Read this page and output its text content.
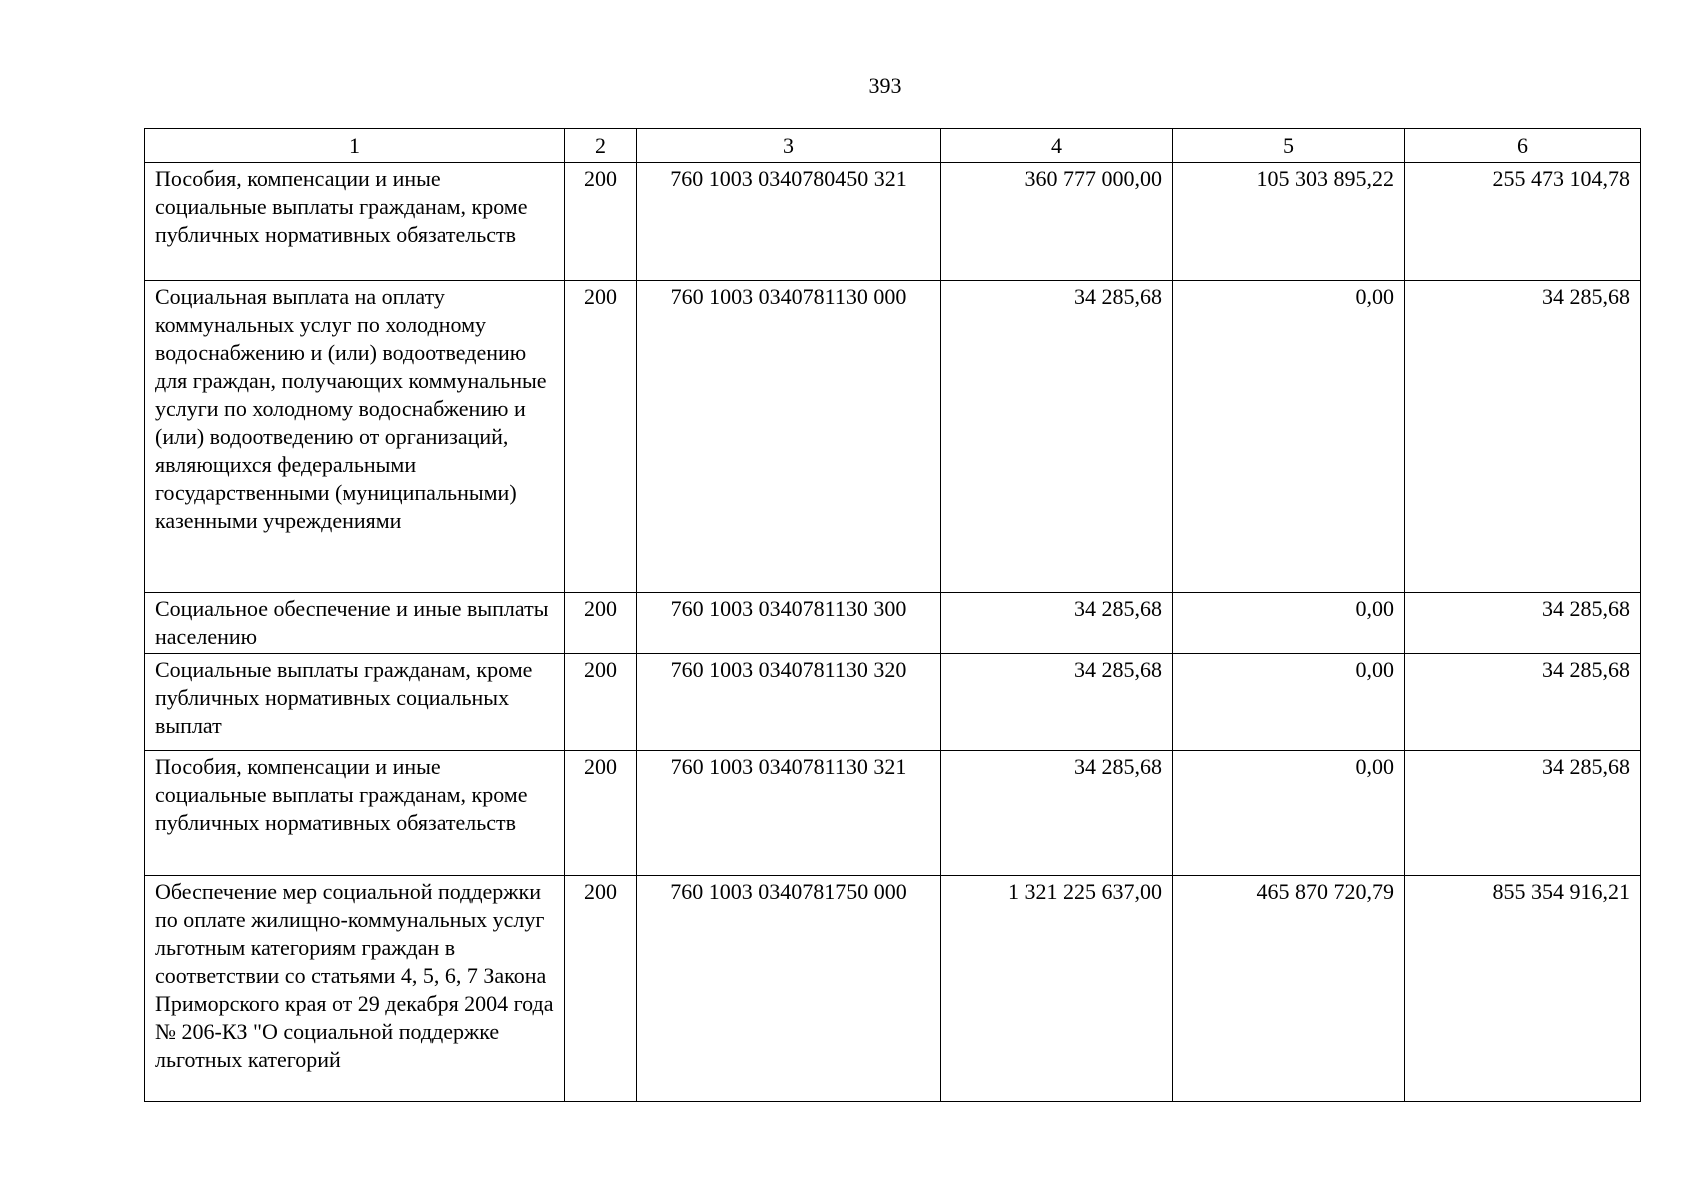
393
1	2	3	4	5	6
Пособия, компенсации и иные социальные выплаты гражданам, кроме публичных нормативных обязательств	200	760 1003 0340780450 321	360 777 000,00	105 303 895,22	255 473 104,78
Социальная выплата на оплату коммунальных услуг по холодному водоснабжению и (или) водоотведению для граждан, получающих коммунальные услуги по холодному водоснабжению и (или) водоотведению от организаций, являющихся федеральными государственными (муниципальными) казенными учреждениями	200	760 1003 0340781130 000	34 285,68	0,00	34 285,68
Социальное обеспечение и иные выплаты населению	200	760 1003 0340781130 300	34 285,68	0,00	34 285,68
Социальные выплаты гражданам, кроме публичных нормативных социальных выплат	200	760 1003 0340781130 320	34 285,68	0,00	34 285,68
Пособия, компенсации и иные социальные выплаты гражданам, кроме публичных нормативных обязательств	200	760 1003 0340781130 321	34 285,68	0,00	34 285,68
Обеспечение мер социальной поддержки по оплате жилищно-коммунальных услуг льготным категориям граждан в соответствии со статьями 4, 5, 6, 7 Закона Приморского края от 29 декабря 2004 года № 206-КЗ "О социальной поддержке льготных категорий	200	760 1003 0340781750 000	1 321 225 637,00	465 870 720,79	855 354 916,21
